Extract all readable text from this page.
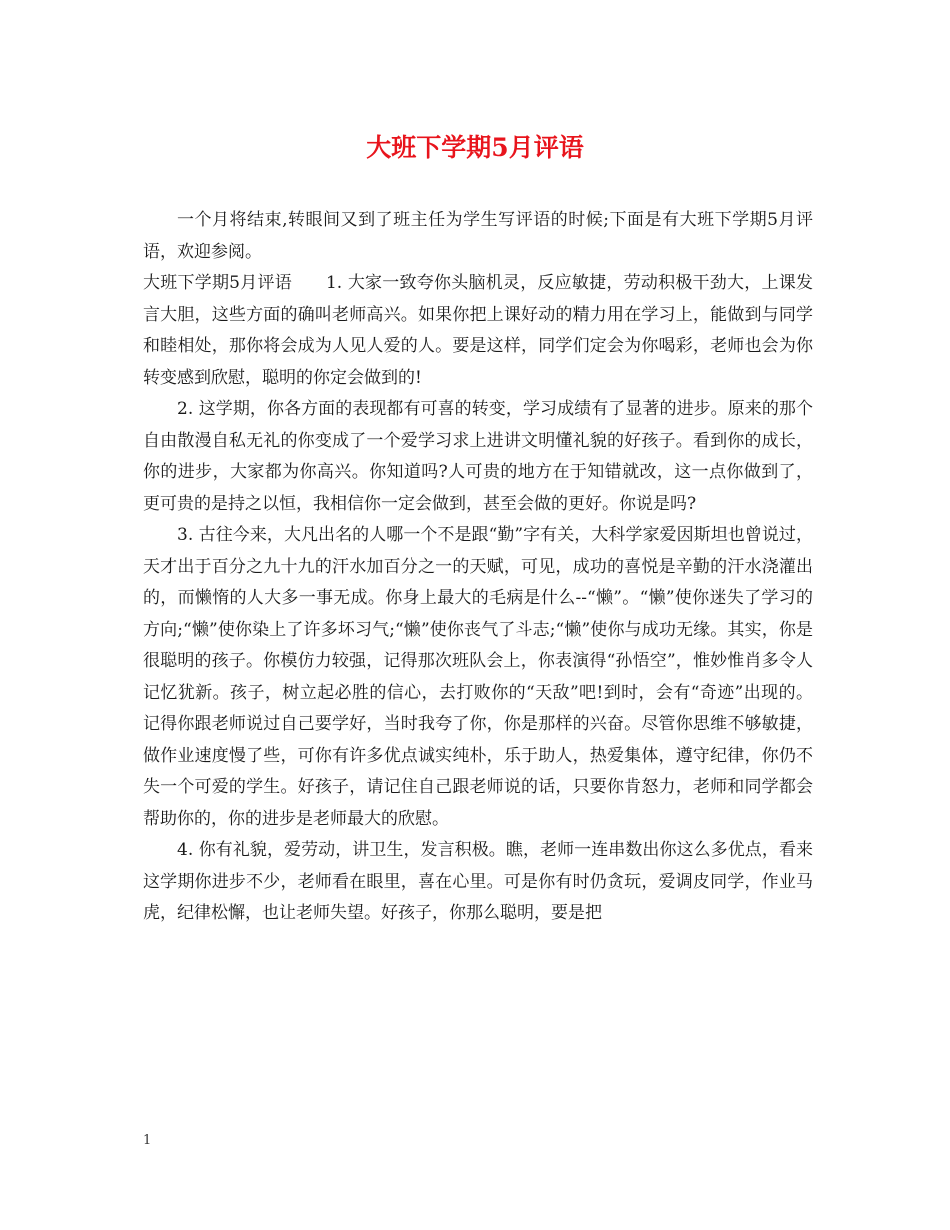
大班下学期5月评语

一个月将结束,转眼间又到了班主任为学生写评语的时候;下面是有大班下学期5月评语，欢迎参阅。

大班下学期5月评语 1. 大家一致夸你头脑机灵，反应敏捷，劳动积极干劲大，上课发言大胆，这些方面的确叫老师高兴。如果你把上课好动的精力用在学习上，能做到与同学和睦相处，那你将会成为人见人爱的人。要是这样，同学们定会为你喝彩，老师也会为你转变感到欣慰，聪明的你定会做到的!

2. 这学期，你各方面的表现都有可喜的转变，学习成绩有了显著的进步。原来的那个自由散漫自私无礼的你变成了一个爱学习求上进讲文明懂礼貌的好孩子。看到你的成长，你的进步，大家都为你高兴。你知道吗?人可贵的地方在于知错就改，这一点你做到了，更可贵的是持之以恒，我相信你一定会做到，甚至会做的更好。你说是吗?

3. 古往今来，大凡出名的人哪一个不是跟“勤”字有关，大科学家爱因斯坦也曾说过，天才出于百分之九十九的汗水加百分之一的天赋，可见，成功的喜悦是辛勤的汗水浇灌出的，而懒惰的人大多一事无成。你身上最大的毛病是什么--“懒”。“懒”使你迷失了学习的方向;“懒”使你染上了许多坏习气;“懒”使你丧气了斗志;“懒”使你与成功无缘。其实，你是很聪明的孩子。你模仿力较强，记得那次班队会上，你表演得“孙悟空”，惟妙惟肖多令人记忆犹新。孩子，树立起必胜的信心，去打败你的“天敌”吧!到时，会有“奇迹”出现的。记得你跟老师说过自己要学好，当时我夸了你，你是那样的兴奋。尽管你思维不够敏捷，做作业速度慢了些，可你有许多优点诚实纯朴，乐于助人，热爱集体，遵守纪律，你仍不失一个可爱的学生。好孩子，请记住自己跟老师说的话，只要你肯怒力，老师和同学都会帮助你的，你的进步是老师最大的欣慰。

4. 你有礼貌，爱劳动，讲卫生，发言积极。瞧，老师一连串数出你这么多优点，看来这学期你进步不少，老师看在眼里，喜在心里。可是你有时仍贪玩，爱调皮同学，作业马虎，纪律松懈，也让老师失望。好孩子，你那么聪明，要是把

1
